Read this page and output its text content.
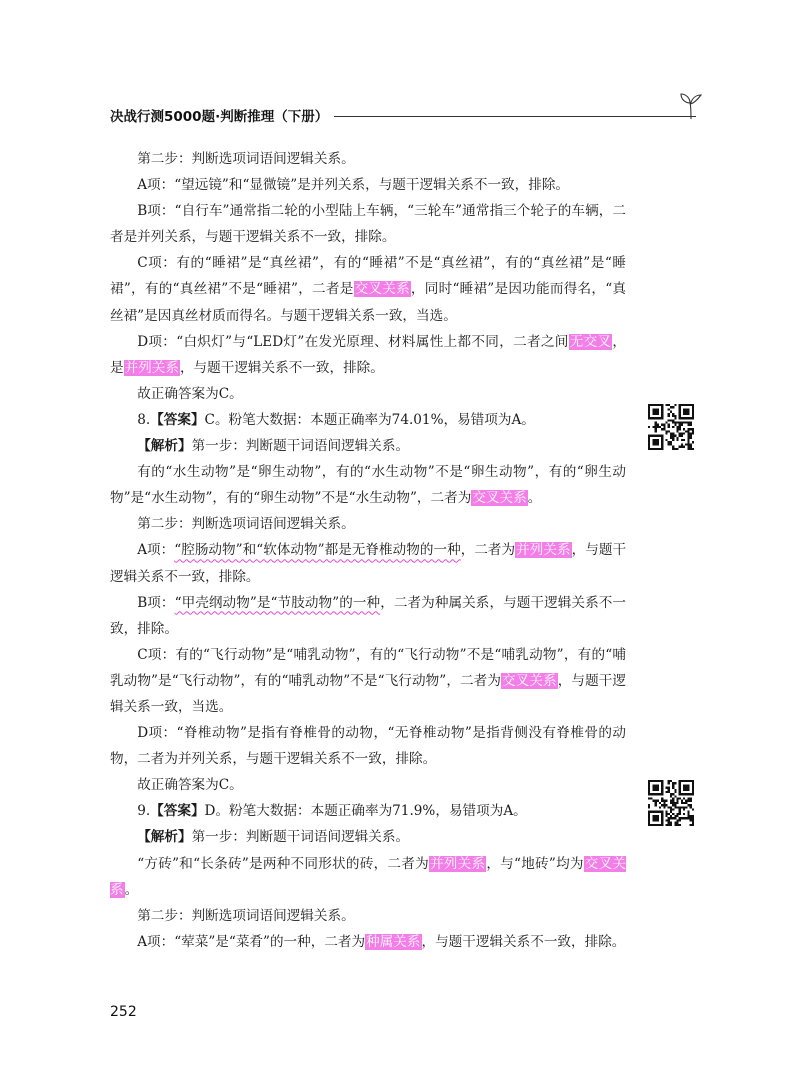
决战行测5000题·判断推理（下册）

第二步：判断选项词语间逻辑关系。

A项：“望远镜”和“显微镜”是并列关系，与题干逻辑关系不一致，排除。

B项：“自行车”通常指二轮的小型陆上车辆，“三轮车”通常指三个轮子的车辆，二者是并列关系，与题干逻辑关系不一致，排除。

C项：有的“睡裙”是“真丝裙”，有的“睡裙”不是“真丝裙”，有的“真丝裙”是“睡裙”，有的“真丝裙”不是“睡裙”，二者是交叉关系，同时“睡裙”是因功能而得名，“真丝裙”是因真丝材质而得名。与题干逻辑关系一致，当选。

D项：“白炽灯”与“LED灯”在发光原理、材料属性上都不同，二者之间无交叉，是并列关系，与题干逻辑关系不一致，排除。

故正确答案为C。

8.【答案】C。粉笔大数据：本题正确率为74.01%，易错项为A。

【解析】第一步：判断题干词语间逻辑关系。

有的“水生动物”是“卵生动物”，有的“水生动物”不是“卵生动物”，有的“卵生动物”是“水生动物”，有的“卵生动物”不是“水生动物”，二者为交叉关系。

第二步：判断选项词语间逻辑关系。

A项：“腔肠动物”和“软体动物”都是无脊椎动物的一种，二者为并列关系，与题干逻辑关系不一致，排除。

B项：“甲壳纲动物”是“节肢动物”的一种，二者为种属关系，与题干逻辑关系不一致，排除。

C项：有的“飞行动物”是“哺乳动物”，有的“飞行动物”不是“哺乳动物”，有的“哺乳动物”是“飞行动物”，有的“哺乳动物”不是“飞行动物”，二者为交叉关系，与题干逻辑关系一致，当选。

D项：“脊椎动物”是指有脊椎骨的动物，“无脊椎动物”是指背侧没有脊椎骨的动物，二者为并列关系，与题干逻辑关系不一致，排除。

故正确答案为C。

9.【答案】D。粉笔大数据：本题正确率为71.9%，易错项为A。

【解析】第一步：判断题干词语间逻辑关系。

“方砖”和“长条砖”是两种不同形状的砖，二者为并列关系，与“地砖”均为交叉关系。

第二步：判断选项词语间逻辑关系。

A项：“荤菜”是“菜肴”的一种，二者为种属关系，与题干逻辑关系不一致，排除。

252
